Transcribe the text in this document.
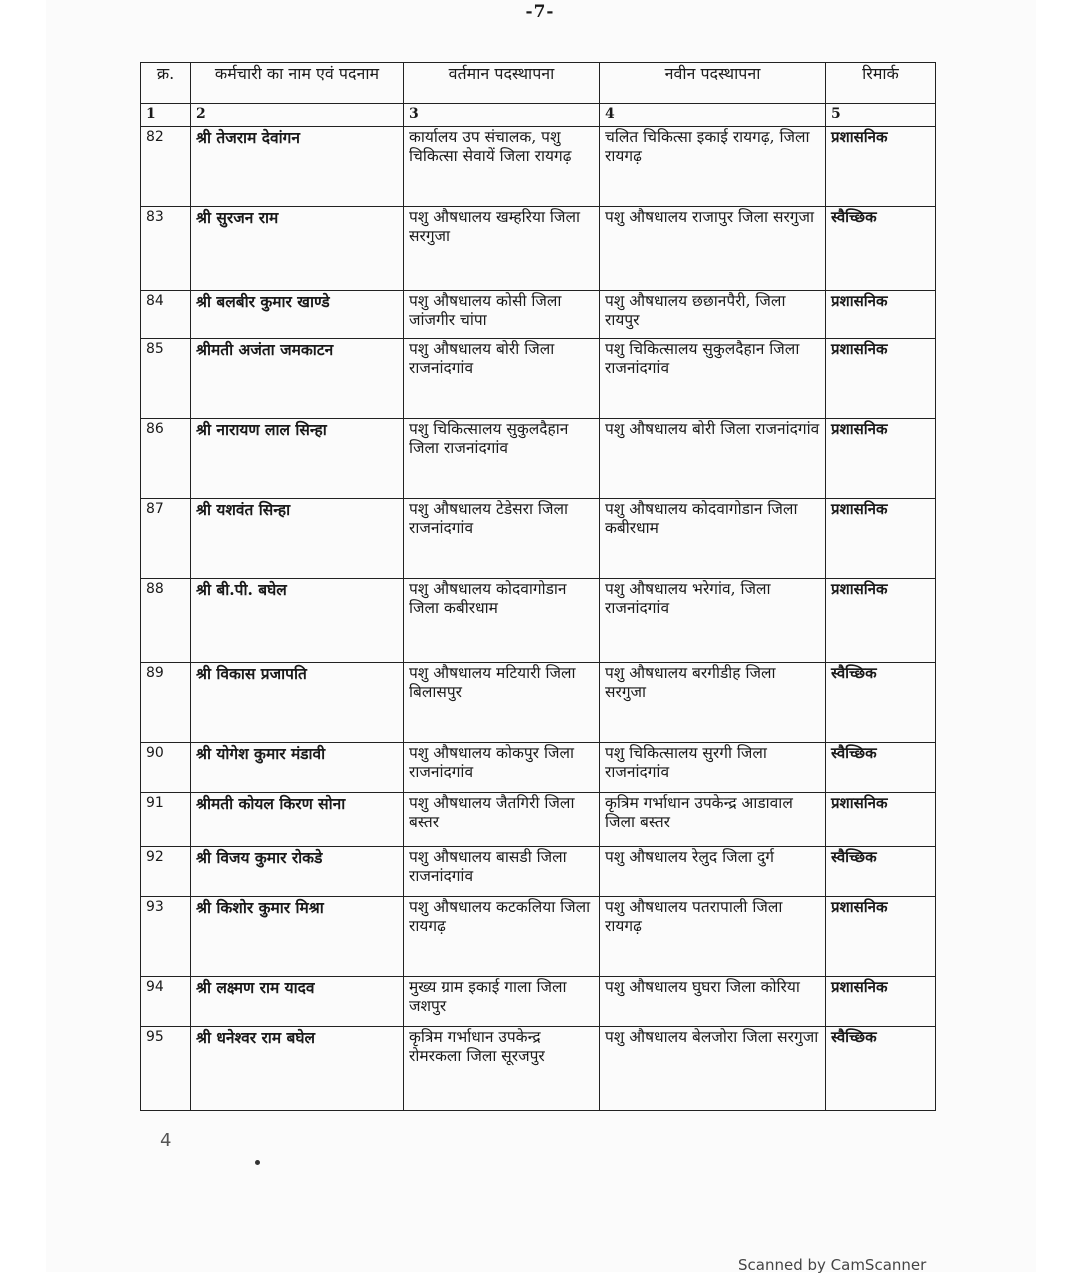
-7-
क्र.	कर्मचारी का नाम एवं पदनाम	वर्तमान पदस्थापना	नवीन पदस्थापना	रिमार्क
1	2	3	4	5
82	श्री तेजराम देवांगन	कार्यालय उप संचालक, पशु चिकित्सा सेवायें जिला रायगढ़	चलित चिकित्सा इकाई रायगढ़, जिला रायगढ़	प्रशासनिक
83	श्री सुरजन राम	पशु औषधालय खम्हरिया जिला सरगुजा	पशु औषधालय राजापुर जिला सरगुजा	स्वैच्छिक
84	श्री बलबीर कुमार खाण्डे	पशु औषधालय कोसी जिला जांजगीर चांपा	पशु औषधालय छछानपैरी, जिला रायपुर	प्रशासनिक
85	श्रीमती अजंता जमकाटन	पशु औषधालय बोरी जिला राजनांदगांव	पशु चिकित्सालय सुकुलदैहान जिला राजनांदगांव	प्रशासनिक
86	श्री नारायण लाल सिन्हा	पशु चिकित्सालय सुकुलदैहान जिला राजनांदगांव	पशु औषधालय बोरी जिला राजनांदगांव	प्रशासनिक
87	श्री यशवंत सिन्हा	पशु औषधालय टेडेसरा जिला राजनांदगांव	पशु औषधालय कोदवागोडान जिला कबीरधाम	प्रशासनिक
88	श्री बी.पी. बघेल	पशु औषधालय कोदवागोडान जिला कबीरधाम	पशु औषधालय भरेगांव, जिला राजनांदगांव	प्रशासनिक
89	श्री विकास प्रजापति	पशु औषधालय मटियारी जिला बिलासपुर	पशु औषधालय बरगीडीह जिला सरगुजा	स्वैच्छिक
90	श्री योगेश कुमार मंडावी	पशु औषधालय कोकपुर जिला राजनांदगांव	पशु चिकित्सालय सुरगी जिला राजनांदगांव	स्वैच्छिक
91	श्रीमती कोयल किरण सोना	पशु औषधालय जैतगिरी जिला बस्तर	कृत्रिम गर्भाधान उपकेन्द्र आडावाल जिला बस्तर	प्रशासनिक
92	श्री विजय कुमार रोकडे	पशु औषधालय बासडी जिला राजनांदगांव	पशु औषधालय रेलुद जिला दुर्ग	स्वैच्छिक
93	श्री किशोर कुमार मिश्रा	पशु औषधालय कटकलिया जिला रायगढ़	पशु औषधालय पतरापाली जिला रायगढ़	प्रशासनिक
94	श्री लक्ष्मण राम यादव	मुख्य ग्राम इकाई गाला जिला जशपुर	पशु औषधालय घुघरा जिला कोरिया	प्रशासनिक
95	श्री धनेश्वर राम बघेल	कृत्रिम गर्भाधान उपकेन्द्र रोमरकला जिला सूरजपुर	पशु औषधालय बेलजोरा जिला सरगुजा	स्वैच्छिक
4
Scanned by CamScanner
